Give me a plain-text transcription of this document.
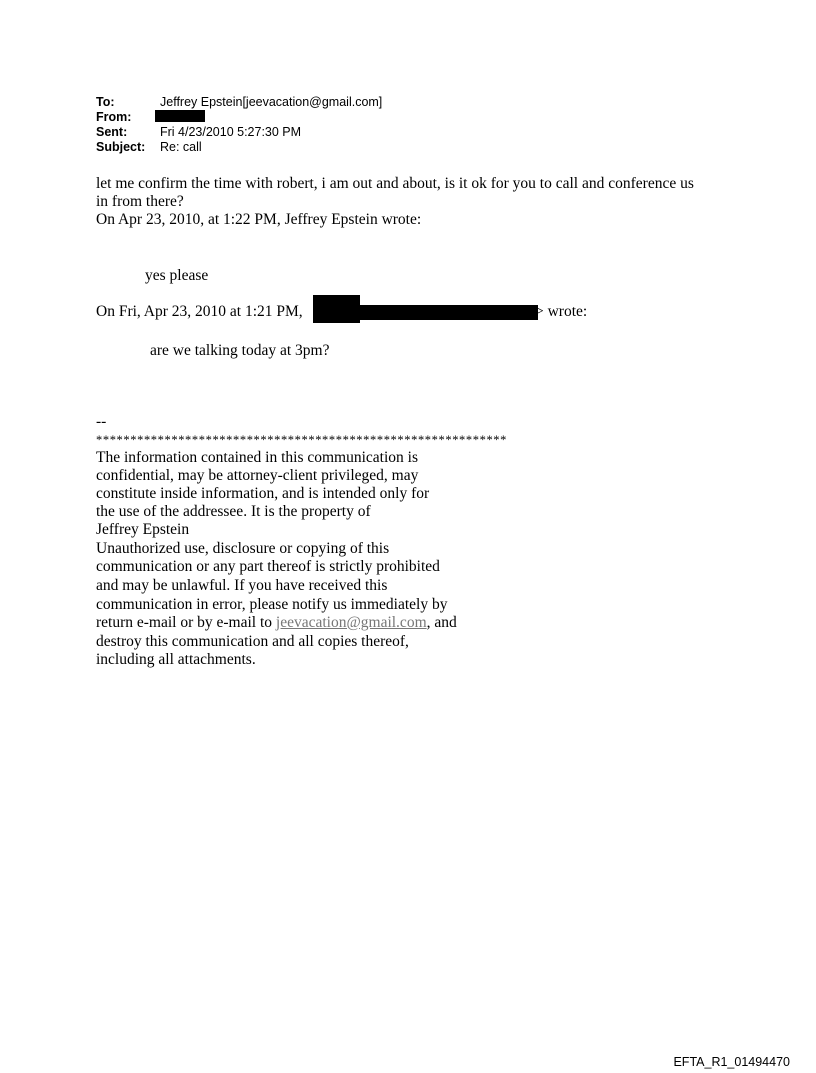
To:	Jeffrey Epstein[jeevacation@gmail.com]
From:
Sent:	Fri 4/23/2010 5:27:30 PM
Subject: Re: call
let me confirm the time with robert, i am out and about, is it ok for you to call and conference us
in from there?
On Apr 23, 2010, at 1:22 PM, Jeffrey Epstein wrote:
yes please
On Fri, Apr 23, 2010 at 1:21 PM,	> wrote:
are we talking today at 3pm?
--
************************************************************
The information contained in this communication is
confidential, may be attorney-client privileged, may
constitute inside information, and is intended only for
the use of the addressee. It is the property of
Jeffrey Epstein
Unauthorized use, disclosure or copying of this
communication or any part thereof is strictly prohibited
and may be unlawful. If you have received this
communication in error, please notify us immediately by
return e-mail or by e-mail to jeevacation@gmail.com, and
destroy this communication and all copies thereof,
including all attachments.
EFTA_R1_01494470
